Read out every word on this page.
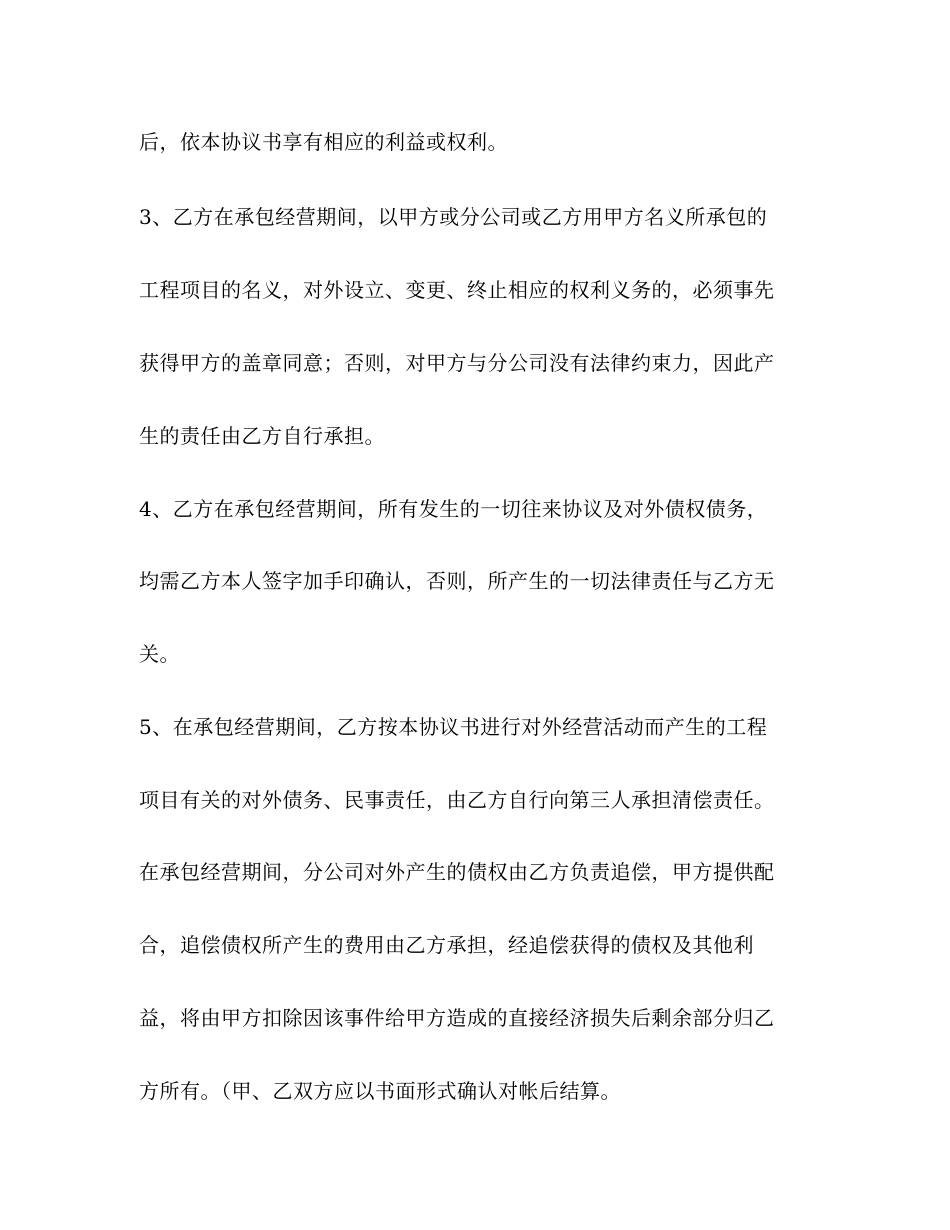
后，依本协议书享有相应的利益或权利。
3、乙方在承包经营期间，以甲方或分公司或乙方用甲方名义所承包的
工程项目的名义，对外设立、变更、终止相应的权利义务的，必须事先
获得甲方的盖章同意；否则，对甲方与分公司没有法律约束力，因此产
生的责任由乙方自行承担。
4、乙方在承包经营期间，所有发生的一切往来协议及对外债权债务，
均需乙方本人签字加手印确认，否则，所产生的一切法律责任与乙方无
关。
5、在承包经营期间，乙方按本协议书进行对外经营活动而产生的工程
项目有关的对外债务、民事责任，由乙方自行向第三人承担清偿责任。
在承包经营期间，分公司对外产生的债权由乙方负责追偿，甲方提供配
合，追偿债权所产生的费用由乙方承担，经追偿获得的债权及其他利
益，将由甲方扣除因该事件给甲方造成的直接经济损失后剩余部分归乙
方所有。（甲、乙双方应以书面形式确认对帐后结算。
